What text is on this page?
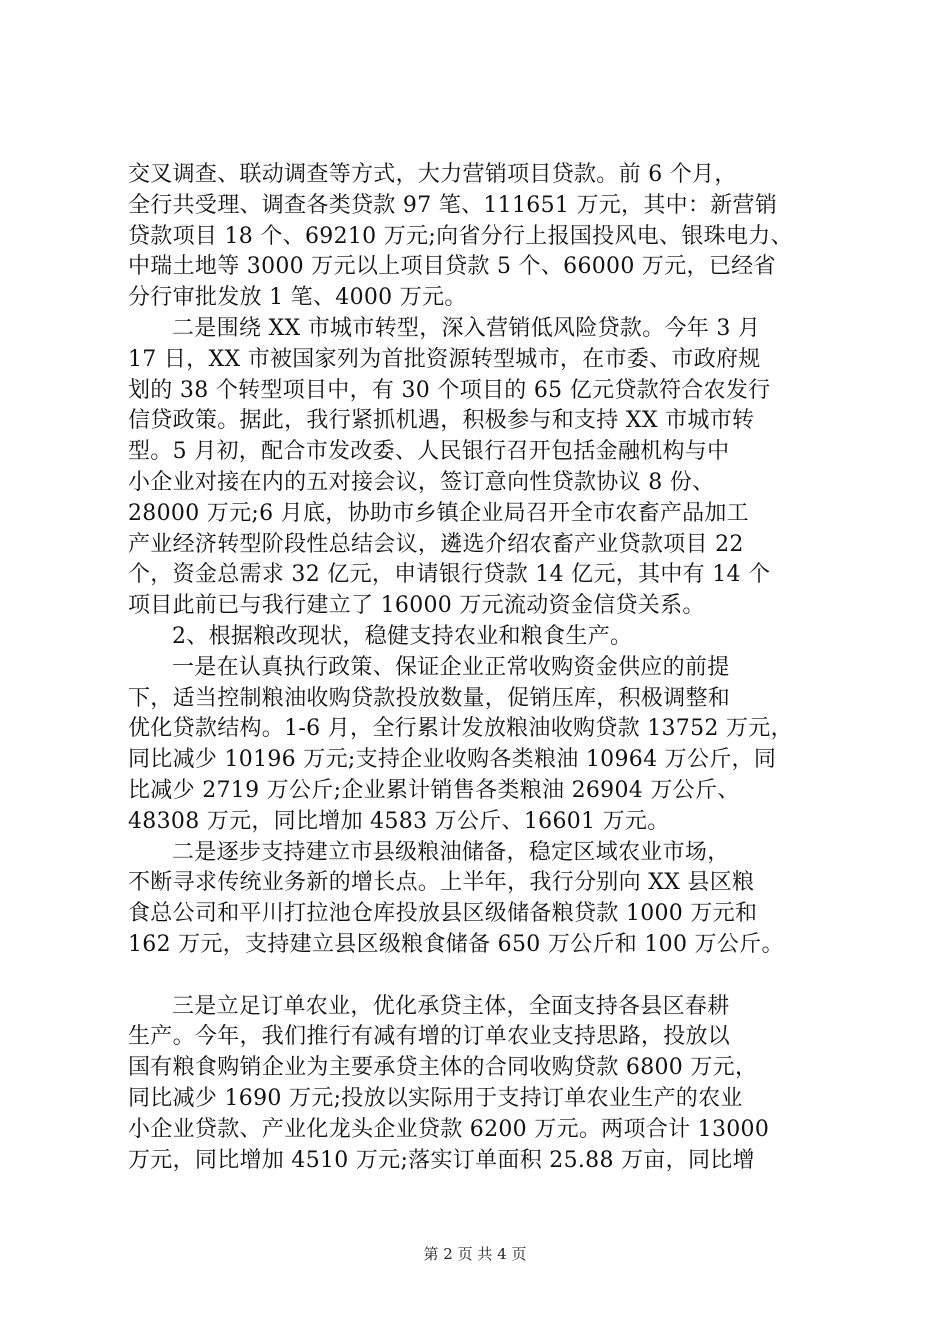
交叉调查、联动调查等方式，大力营销项目贷款。前 6 个月，
全行共受理、调查各类贷款 97 笔、111651 万元，其中：新营销
贷款项目 18 个、69210 万元;向省分行上报国投风电、银珠电力、
中瑞土地等 3000 万元以上项目贷款 5 个、66000 万元，已经省
分行审批发放 1 笔、4000 万元。
二是围绕 XX 市城市转型，深入营销低风险贷款。今年 3 月
17 日，XX 市被国家列为首批资源转型城市，在市委、市政府规
划的 38 个转型项目中，有 30 个项目的 65 亿元贷款符合农发行
信贷政策。据此，我行紧抓机遇，积极参与和支持 XX 市城市转
型。5 月初，配合市发改委、人民银行召开包括金融机构与中
小企业对接在内的五对接会议，签订意向性贷款协议 8 份、
28000 万元;6 月底，协助市乡镇企业局召开全市农畜产品加工
产业经济转型阶段性总结会议，遴选介绍农畜产业贷款项目 22
个，资金总需求 32 亿元，申请银行贷款 14 亿元，其中有 14 个
项目此前已与我行建立了 16000 万元流动资金信贷关系。
2、根据粮改现状，稳健支持农业和粮食生产。
一是在认真执行政策、保证企业正常收购资金供应的前提
下，适当控制粮油收购贷款投放数量，促销压库，积极调整和
优化贷款结构。1-6 月，全行累计发放粮油收购贷款 13752 万元，
同比减少 10196 万元;支持企业收购各类粮油 10964 万公斤，同
比减少 2719 万公斤;企业累计销售各类粮油 26904 万公斤、
48308 万元，同比增加 4583 万公斤、16601 万元。
二是逐步支持建立市县级粮油储备，稳定区域农业市场，
不断寻求传统业务新的增长点。上半年，我行分别向 XX 县区粮
食总公司和平川打拉池仓库投放县区级储备粮贷款 1000 万元和
162 万元，支持建立县区级粮食储备 650 万公斤和 100 万公斤。
三是立足订单农业，优化承贷主体，全面支持各县区春耕
生产。今年，我们推行有减有增的订单农业支持思路，投放以
国有粮食购销企业为主要承贷主体的合同收购贷款 6800 万元，
同比减少 1690 万元;投放以实际用于支持订单农业生产的农业
小企业贷款、产业化龙头企业贷款 6200 万元。两项合计 13000
万元，同比增加 4510 万元;落实订单面积 25.88 万亩，同比增
第 2 页 共 4 页
